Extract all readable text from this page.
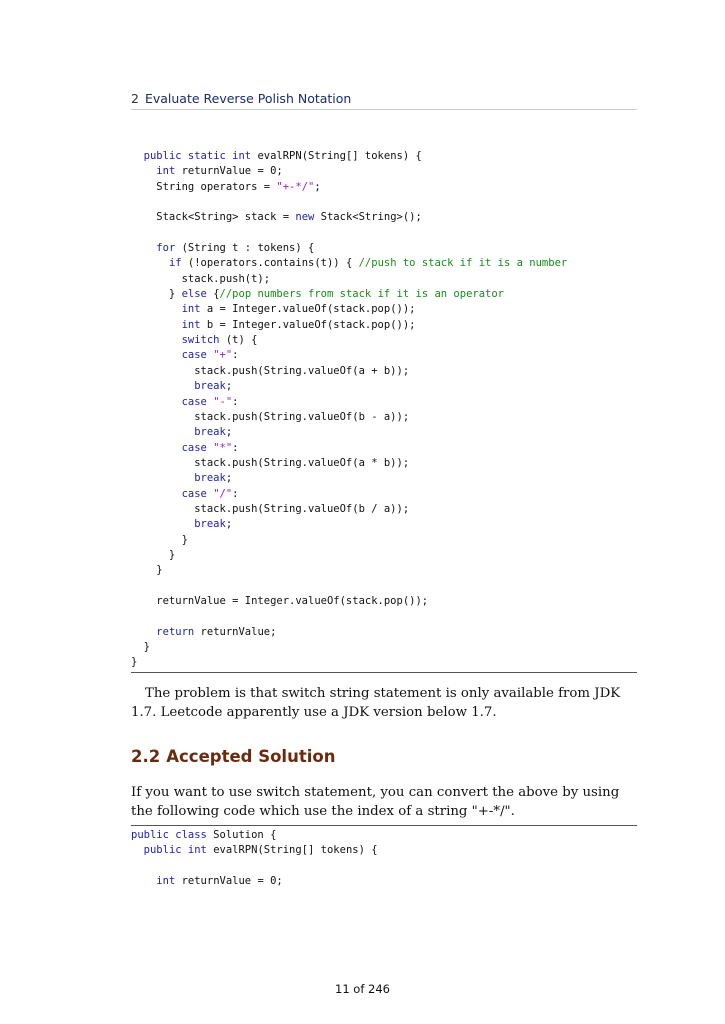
2 Evaluate Reverse Polish Notation
public static int evalRPN(String[] tokens) {
int returnValue = 0;
String operators = "+-*/";
Stack<String> stack = new Stack<String>();
for (String t : tokens) {
if (!operators.contains(t)) { //push to stack if it is a number
stack.push(t);
} else {//pop numbers from stack if it is an operator
int a = Integer.valueOf(stack.pop());
int b = Integer.valueOf(stack.pop());
switch (t) {
case "+":
stack.push(String.valueOf(a + b));
break;
case "-":
stack.push(String.valueOf(b - a));
break;
case "*":
stack.push(String.valueOf(a * b));
break;
case "/":
stack.push(String.valueOf(b / a));
break;
}
}
}
returnValue = Integer.valueOf(stack.pop());
return returnValue;
}
}

The problem is that switch string statement is only available from JDK 1.7. Leetcode apparently use a JDK version below 1.7.

2.2 Accepted Solution

If you want to use switch statement, you can convert the above by using the following code which use the index of a string "+-*/".

public class Solution {
public int evalRPN(String[] tokens) {
int returnValue = 0;
11 of 246
